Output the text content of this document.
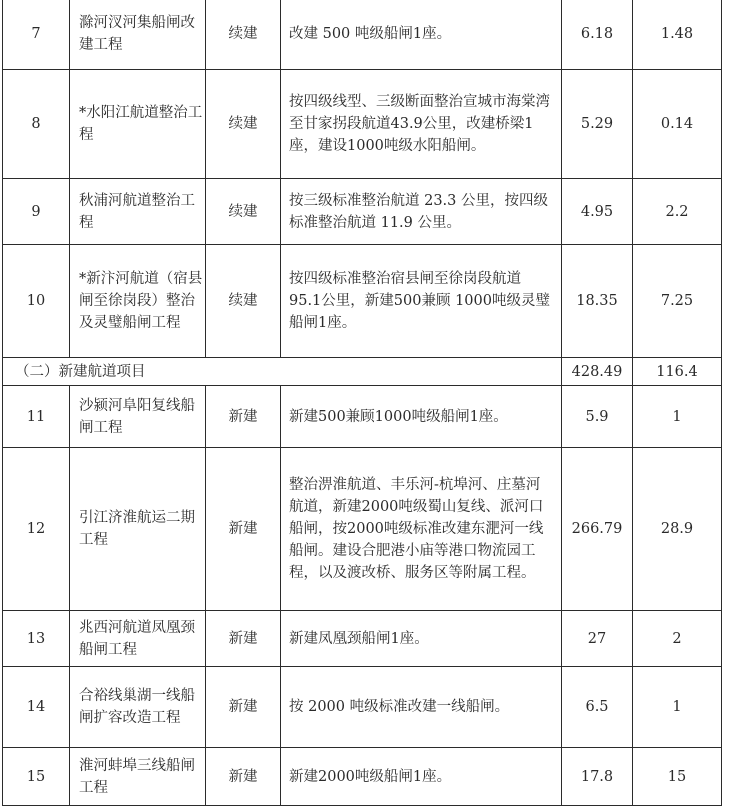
7	滁河汊河集船闸改建工程	续建	改建 500 吨级船闸1座。	6.18	1.48
8	*水阳江航道整治工程	续建	按四级线型、三级断面整治宣城市海棠湾至甘家拐段航道43.9公里，改建桥梁1座，建设1000吨级水阳船闸。	5.29	0.14
9	秋浦河航道整治工程	续建	按三级标准整治航道 23.3 公里，按四级标准整治航道 11.9 公里。	4.95	2.2
10	*新汴河航道（宿县闸至徐岗段）整治及灵璧船闸工程	续建	按四级标准整治宿县闸至徐岗段航道95.1公里，新建500兼顾 1000吨级灵璧船闸1座。	18.35	7.25
（二）新建航道项目				428.49	116.4
11	沙颍河阜阳复线船闸工程	新建	新建500兼顾1000吨级船闸1座。	5.9	1
12	引江济淮航运二期工程	新建	整治淠淮航道、丰乐河-杭埠河、庄墓河航道，新建2000吨级蜀山复线、派河口船闸，按2000吨级标准改建东淝河一线船闸。建设合肥港小庙等港口物流园工程，以及渡改桥、服务区等附属工程。	266.79	28.9
13	兆西河航道凤凰颈船闸工程	新建	新建凤凰颈船闸1座。	27	2
14	合裕线巢湖一线船闸扩容改造工程	新建	按 2000 吨级标准改建一线船闸。	6.5	1
15	淮河蚌埠三线船闸工程	新建	新建2000吨级船闸1座。	17.8	15
